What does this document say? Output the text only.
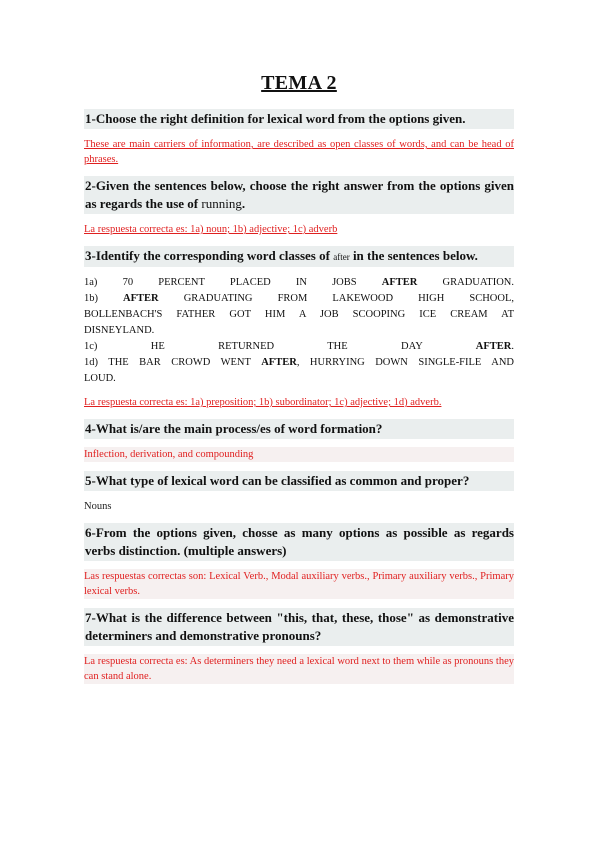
TEMA 2
1-Choose the right definition for lexical word from the options given.
These are main carriers of information, are described as open classes of words, and can be head of phrases.
2-Given the sentences below, choose the right answer from the options given as regards the use of running.
La respuesta correcta es: 1a) noun; 1b) adjective; 1c) adverb
3-Identify the corresponding word classes of after in the sentences below.
1a) 70 PERCENT PLACED IN JOBS AFTER GRADUATION.
1b) AFTER GRADUATING FROM LAKEWOOD HIGH SCHOOL,
BOLLENBACH'S FATHER GOT HIM A JOB SCOOPING ICE CREAM AT
DISNEYLAND.
1c) HE RETURNED THE DAY AFTER.
1d) THE BAR CROWD WENT AFTER, HURRYING DOWN SINGLE-FILE AND
LOUD.
La respuesta correcta es: 1a) preposition; 1b) subordinator; 1c) adjective; 1d) adverb.
4-What is/are the main process/es of word formation?
Inflection, derivation, and compounding
5-What type of lexical word can be classified as common and proper?
Nouns
6-From the options given, chosse as many options as possible as regards verbs distinction. (multiple answers)
Las respuestas correctas son: Lexical Verb., Modal auxiliary verbs., Primary auxiliary verbs., Primary lexical verbs.
7-What is the difference between "this, that, these, those" as demonstrative determiners and demonstrative pronouns?
La respuesta correcta es: As determiners they need a lexical word next to them while as pronouns they can stand alone.
